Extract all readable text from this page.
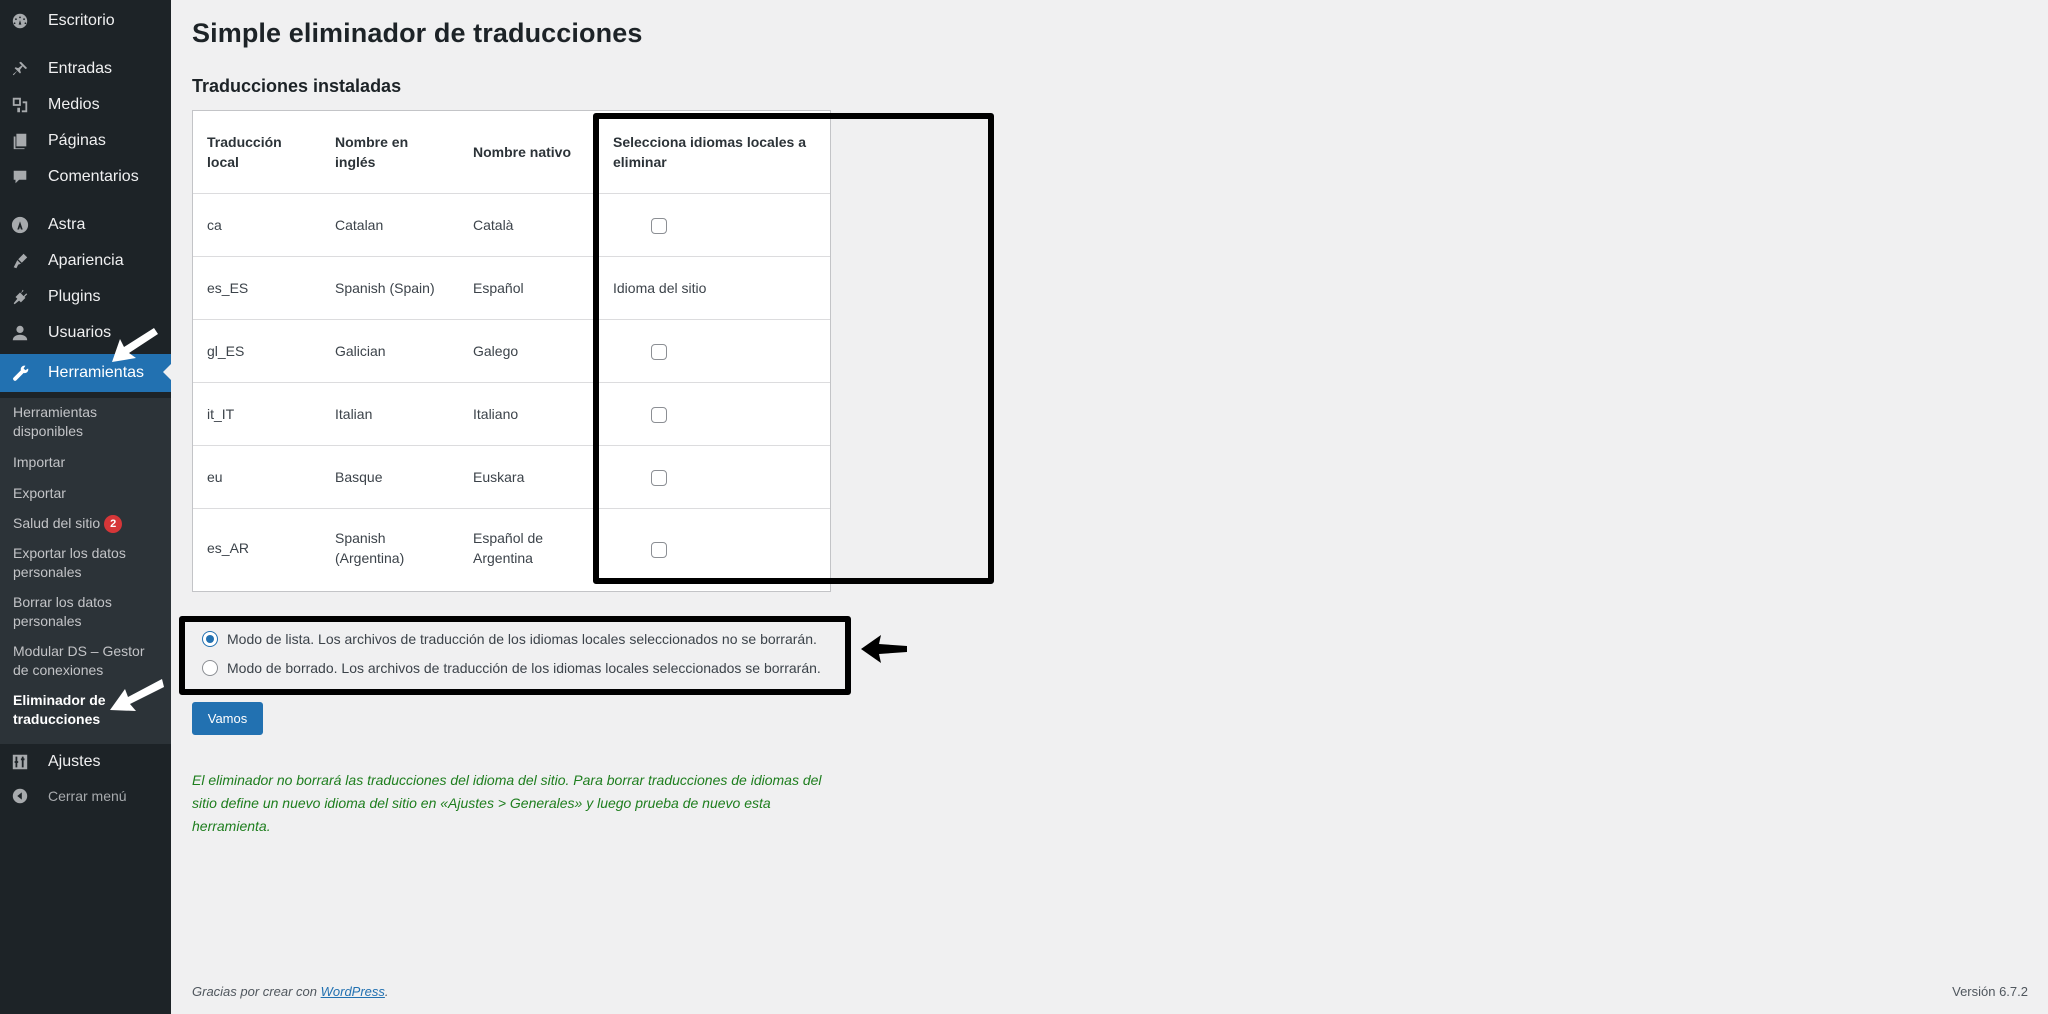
Escritorio
Entradas
Medios
Páginas
Comentarios
Astra
Apariencia
Plugins
Usuarios
Herramientas
Herramientas disponibles
Importar
Exportar
Salud del sitio 2
Exportar los datos personales
Borrar los datos personales
Modular DS – Gestor de conexiones
Eliminador de traducciones
Ajustes
Cerrar menú
Simple eliminador de traducciones
Traducciones instaladas
Traducción local	Nombre en inglés	Nombre nativo	Selecciona idiomas locales a eliminar
ca	Catalan	Català	
es_ES	Spanish (Spain)	Español	Idioma del sitio
gl_ES	Galician	Galego	
it_IT	Italian	Italiano	
eu	Basque	Euskara	
es_AR	Spanish (Argentina)	Español de Argentina	
Modo de lista. Los archivos de traducción de los idiomas locales seleccionados no se borrarán.
Modo de borrado. Los archivos de traducción de los idiomas locales seleccionados se borrarán.
Vamos

El eliminador no borrará las traducciones del idioma del sitio. Para borrar traducciones de idiomas del sitio define un nuevo idioma del sitio en «Ajustes > Generales» y luego prueba de nuevo esta herramienta.

Gracias por crear con WordPress.	Versión 6.7.2
